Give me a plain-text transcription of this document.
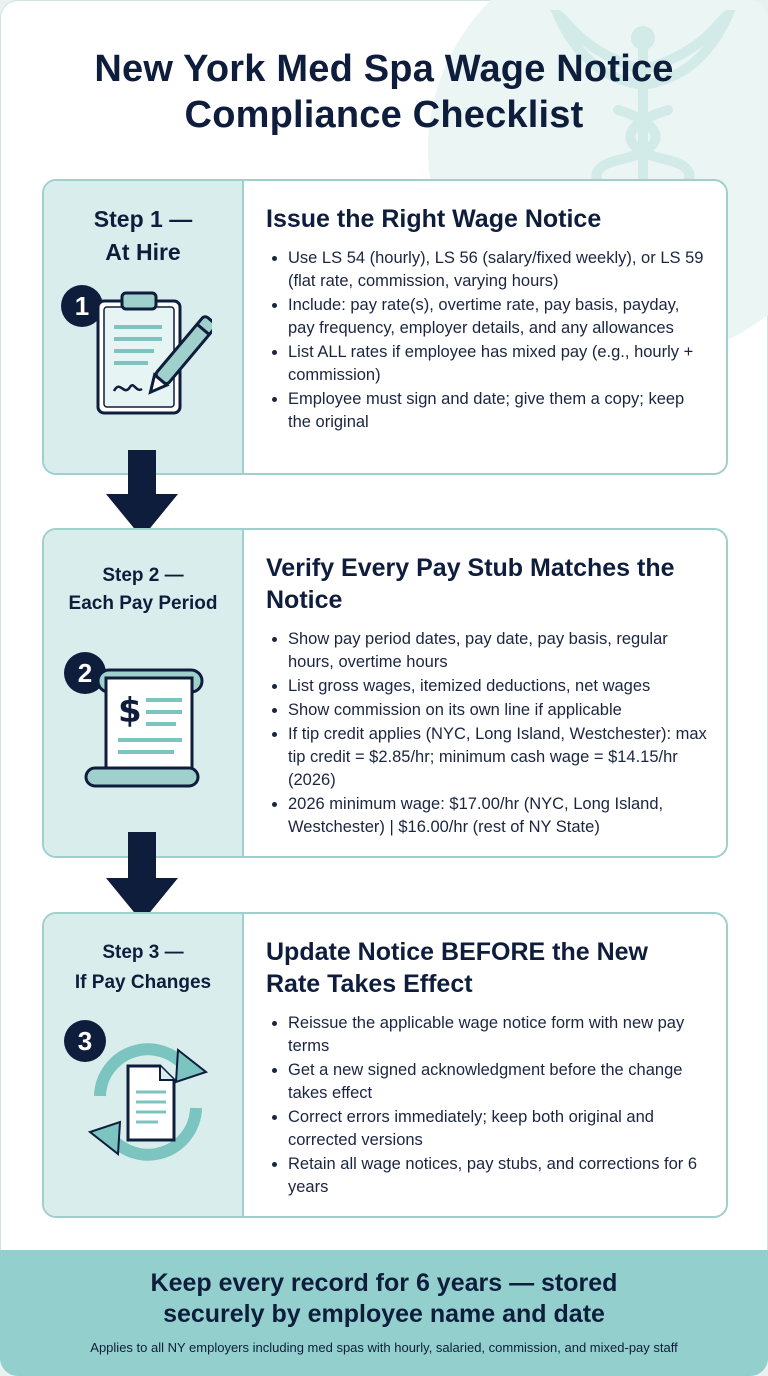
New York Med Spa Wage Notice
Compliance Checklist
Step 1 —
At Hire
1
Issue the Right Wage Notice
• Use LS 54 (hourly), LS 56 (salary/fixed weekly), or LS 59 (flat rate, commission, varying hours)
• Include: pay rate(s), overtime rate, pay basis, payday, pay frequency, employer details, and any allowances
• List ALL rates if employee has mixed pay (e.g., hourly + commission)
• Employee must sign and date; give them a copy; keep the original
Step 2 —
Each Pay Period
2
$
Verify Every Pay Stub Matches the Notice
• Show pay period dates, pay date, pay basis, regular hours, overtime hours
• List gross wages, itemized deductions, net wages
• Show commission on its own line if applicable
• If tip credit applies (NYC, Long Island, Westchester): max tip credit = $2.85/hr; minimum cash wage = $14.15/hr (2026)
• 2026 minimum wage: $17.00/hr (NYC, Long Island, Westchester) | $16.00/hr (rest of NY State)
Step 3 —
If Pay Changes
3
Update Notice BEFORE the New Rate Takes Effect
• Reissue the applicable wage notice form with new pay terms
• Get a new signed acknowledgment before the change takes effect
• Correct errors immediately; keep both original and corrected versions
• Retain all wage notices, pay stubs, and corrections for 6 years

Keep every record for 6 years — stored
securely by employee name and date

Applies to all NY employers including med spas with hourly, salaried, commission, and mixed-pay staff
